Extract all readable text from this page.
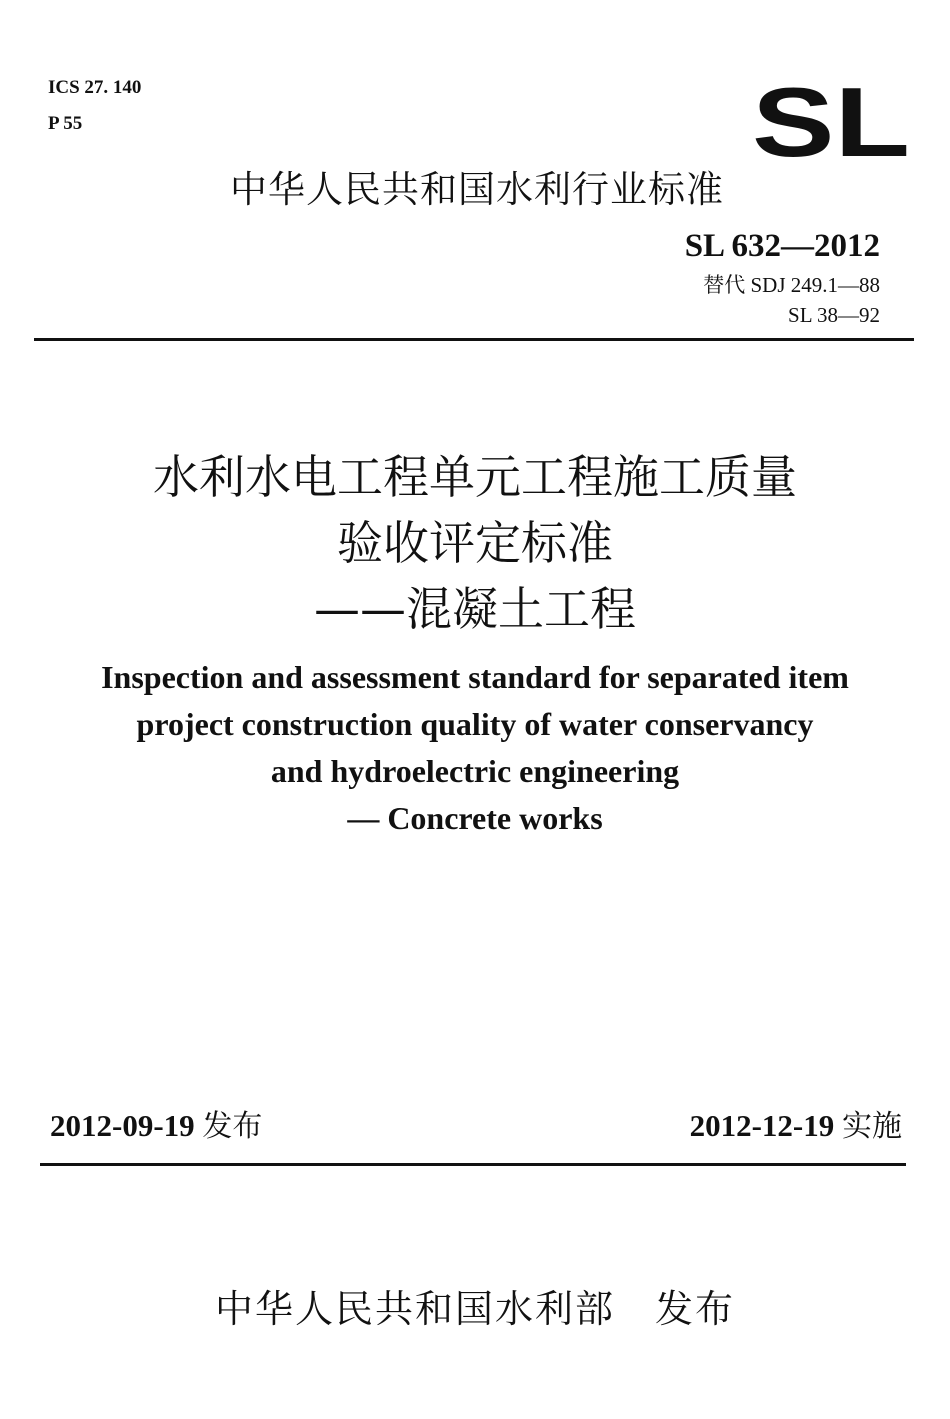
ICS 27. 140
P 55	SL
中华人民共和国水利行业标准
SL 632—2012
替代 SDJ 249.1—88
SL 38—92
水利水电工程单元工程施工质量
验收评定标准
——混凝土工程
Inspection and assessment standard for separated item
project construction quality of water conservancy
and hydroelectric engineering
— Concrete works
2012-09-19 发布	2012-12-19 实施
中华人民共和国水利部　发布
